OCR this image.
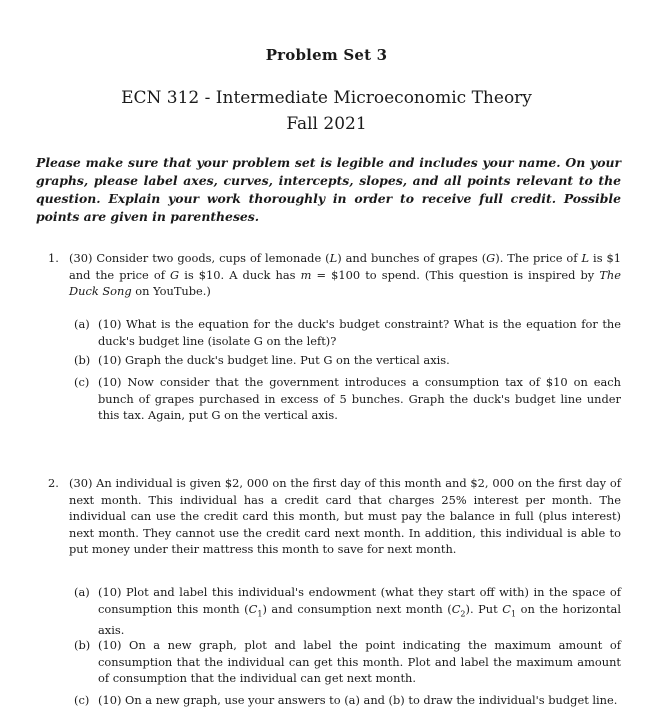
Problem Set 3
ECN 312 - Intermediate Microeconomic Theory
Fall 2021
Please make sure that your problem set is legible and includes your name. On your graphs, please label axes, curves, intercepts, slopes, and all points relevant to the question. Explain your work thoroughly in order to receive full credit. Possible points are given in parentheses.
1. (30) Consider two goods, cups of lemonade (L) and bunches of grapes (G). The price of L is $1 and the price of G is $10. A duck has m = $100 to spend. (This question is inspired by The Duck Song on YouTube.)
(a) (10) What is the equation for the duck's budget constraint? What is the equation for the duck's budget line (isolate G on the left)?
(b) (10) Graph the duck's budget line. Put G on the vertical axis.
(c) (10) Now consider that the government introduces a consumption tax of $10 on each bunch of grapes purchased in excess of 5 bunches. Graph the duck's budget line under this tax. Again, put G on the vertical axis.
2. (30) An individual is given $2, 000 on the first day of this month and $2, 000 on the first day of next month. This individual has a credit card that charges 25% interest per month. The individual can use the credit card this month, but must pay the balance in full (plus interest) next month. They cannot use the credit card next month. In addition, this individual is able to put money under their mattress this month to save for next month.
(a) (10) Plot and label this individual's endowment (what they start off with) in the space of consumption this month $(C_1)$ and consumption next month $(C_2)$. Put $C_1$ on the horizontal axis.
(b) (10) On a new graph, plot and label the point indicating the maximum amount of consumption that the individual can get this month. Plot and label the maximum amount of consumption that the individual can get next month.
(c) (10) On a new graph, use your answers to (a) and (b) to draw the individual's budget line.
